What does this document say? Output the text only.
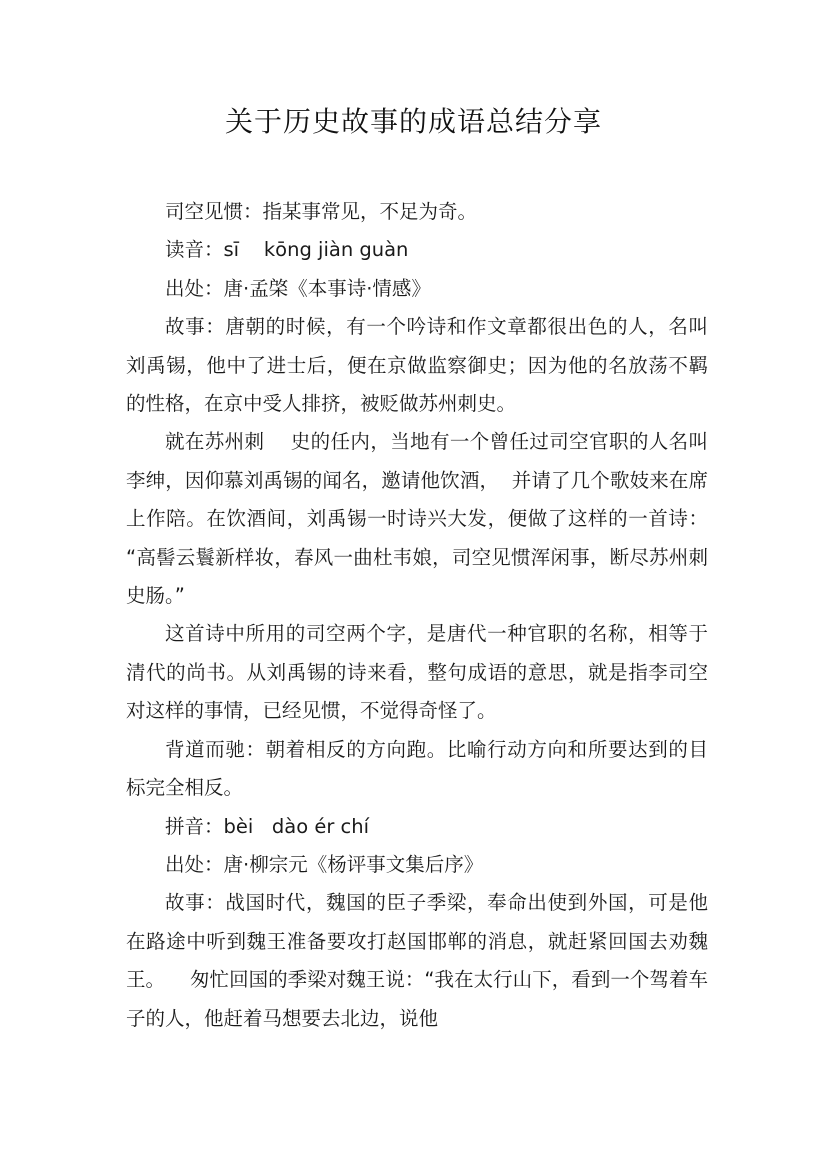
关于历史故事的成语总结分享

司空见惯：指某事常见，不足为奇。

读音：sī    kōng jiàn guàn

出处：唐·孟棨《本事诗·情感》

故事：唐朝的时候，有一个吟诗和作文章都很出色的人，名叫刘禹锡，他中了进士后，便在京做监察御史；因为他的名放荡不羁的性格，在京中受人排挤，被贬做苏州刺史。

就在苏州刺    史的任内，当地有一个曾任过司空官职的人名叫李绅，因仰慕刘禹锡的闻名，邀请他饮酒，  并请了几个歌妓来在席上作陪。在饮酒间，刘禹锡一时诗兴大发，便做了这样的一首诗：   “高髻云鬟新样妆，春风一曲杜韦娘，司空见惯浑闲事，断尽苏州刺史肠。”

这首诗中所用的司空两个字，是唐代一种官职的名称，相等于清代的尚书。从刘禹锡的诗来看，整句成语的意思，就是指李司空对这样的事情，已经见惯，不觉得奇怪了。

背道而驰：朝着相反的方向跑。比喻行动方向和所要达到的目标完全相反。

拼音：bèi   dào ér chí

出处：唐·柳宗元《杨评事文集后序》

故事：战国时代，魏国的臣子季梁，奉命出使到外国，可是他在路途中听到魏王准备要攻打赵国邯郸的消息，就赶紧回国去劝魏王。    匆忙回国的季梁对魏王说：“我在太行山下，看到一个驾着车子的人，他赶着马想要去北边，说他
